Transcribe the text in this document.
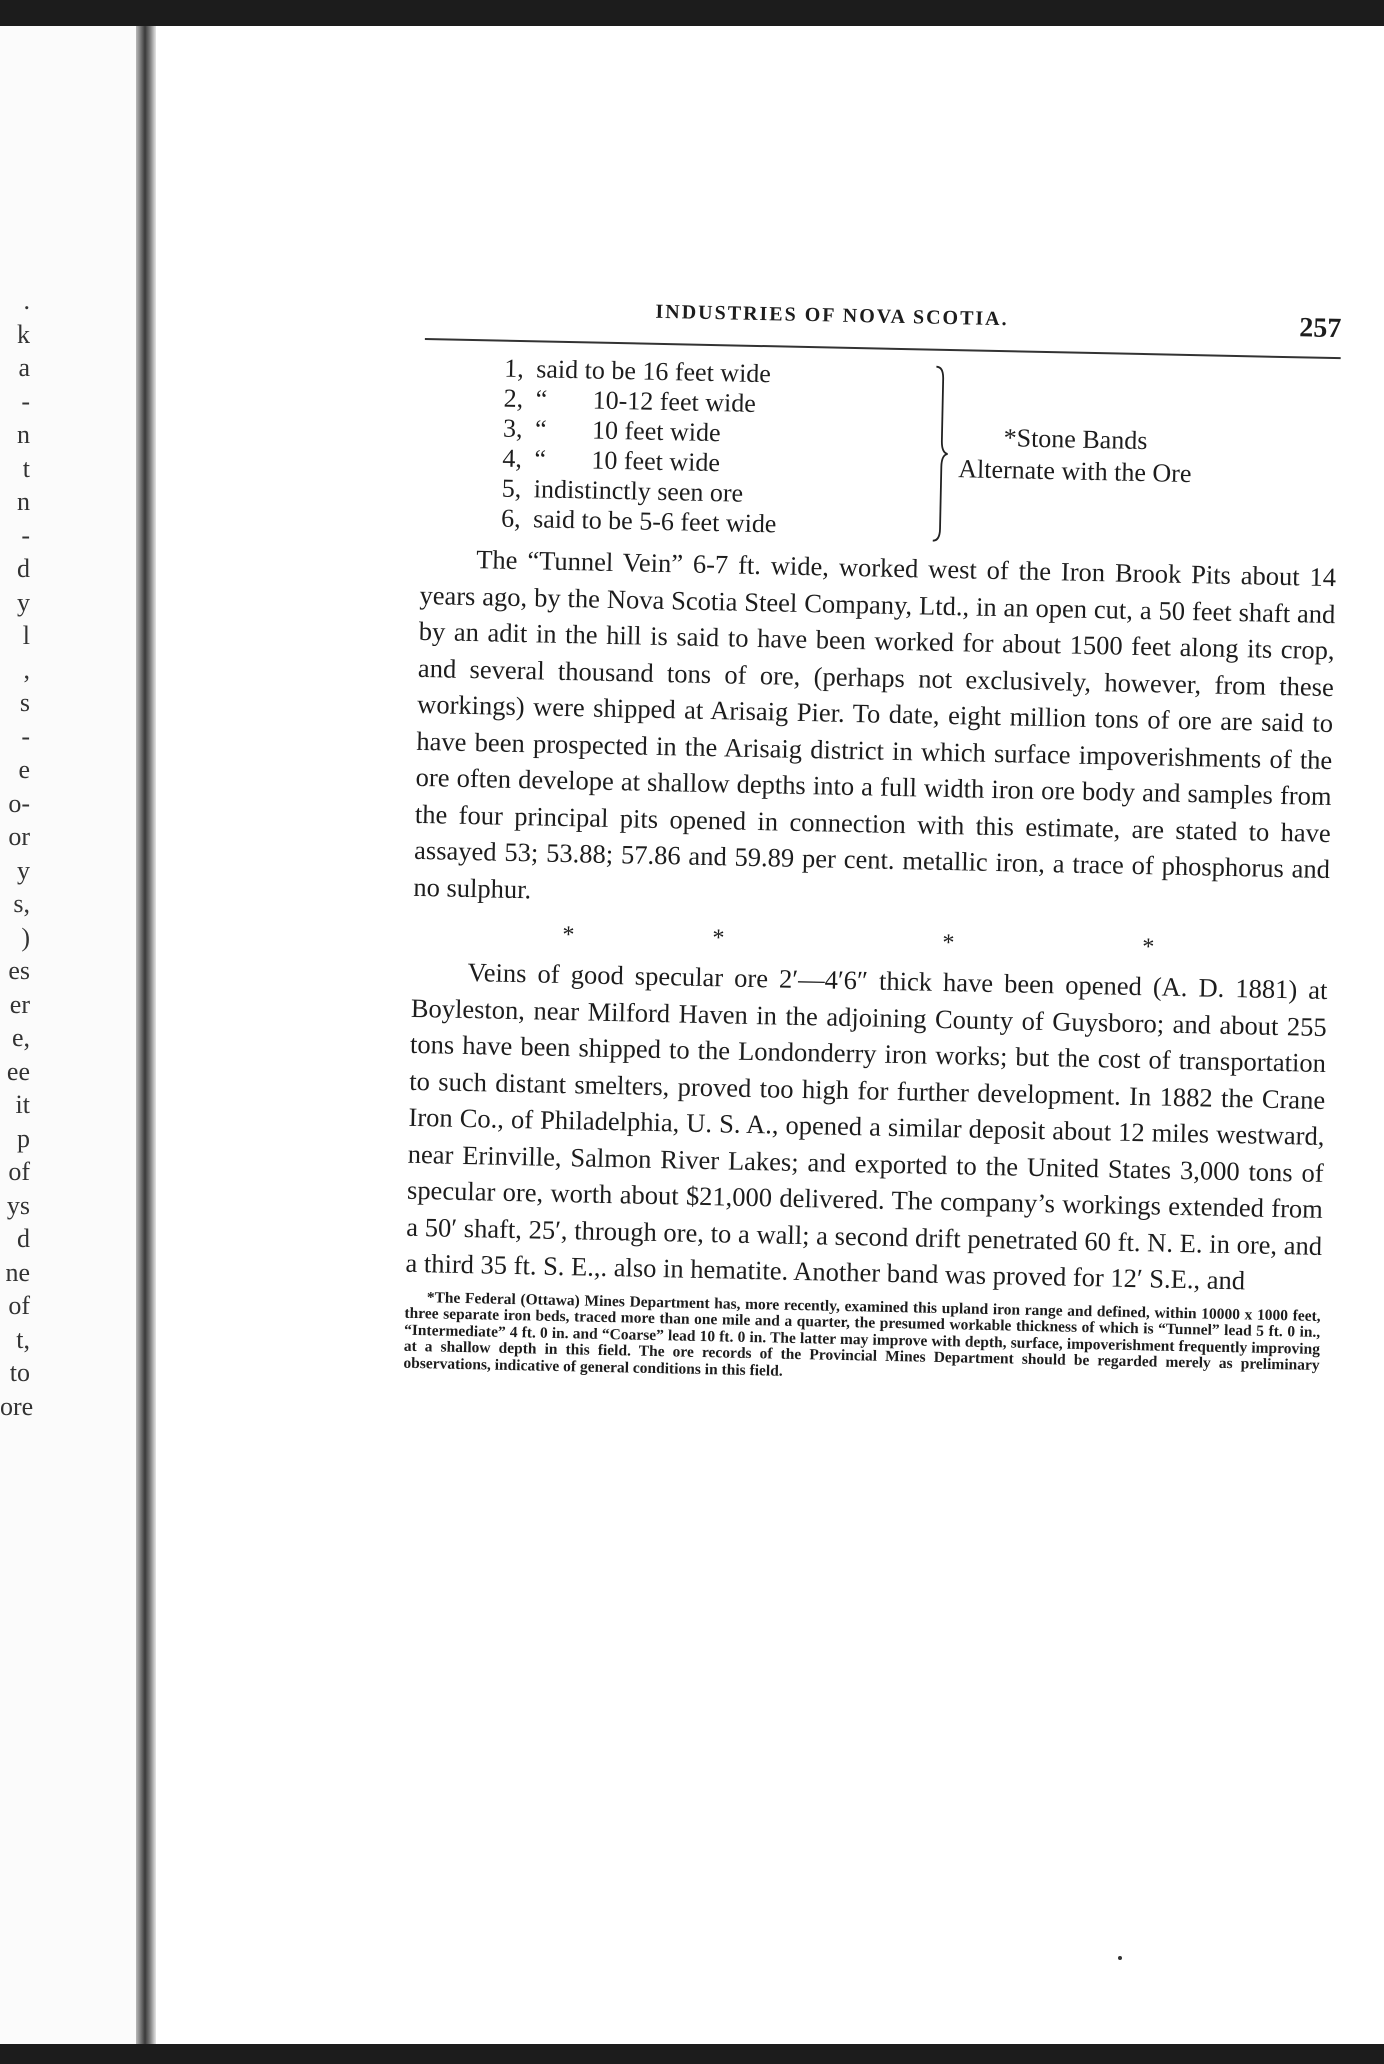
.
k
a
-
n
t
n
-
d
y
l
,
s
-
e
o-
or
y
s,
)
es
er
e,
ee
it
p
of
ys
d
ne
of
t,
to
ore
INDUSTRIES OF NOVA SCOTIA.	257
1, said to be 16 feet wide
2, “       10-12 feet wide
3, “       10 feet wide
4, “       10 feet wide
5, indistinctly seen ore
6, said to be 5-6 feet wide
*Stone Bands
Alternate with the Ore

The “Tunnel Vein” 6-7 ft. wide, worked west of the Iron Brook Pits about 14 years ago, by the Nova Scotia Steel Company, Ltd., in an open cut, a 50 feet shaft and by an adit in the hill is said to have been worked for about 1500 feet along its crop, and several thousand tons of ore, (perhaps not exclusively, however, from these workings) were shipped at Arisaig Pier. To date, eight million tons of ore are said to have been prospected in the Arisaig district in which surface impoverishments of the ore often develope at shallow depths into a full width iron ore body and samples from the four principal pits opened in connection with this estimate, are stated to have assayed 53; 53.88; 57.86 and 59.89 per cent. metallic iron, a trace of phosphorus and no sulphur.

*	*	*	*

Veins of good specular ore 2′—4′6″ thick have been opened (A. D. 1881) at Boyleston, near Milford Haven in the adjoining County of Guysboro; and about 255 tons have been shipped to the Londonderry iron works; but the cost of transportation to such distant smelters, proved too high for further development. In 1882 the Crane Iron Co., of Philadelphia, U. S. A., opened a similar deposit about 12 miles westward, near Erinville, Salmon River Lakes; and exported to the United States 3,000 tons of specular ore, worth about $21,000 delivered. The company’s workings extended from a 50′ shaft, 25′, through ore, to a wall; a second drift penetrated 60 ft. N. E. in ore, and a third 35 ft. S. E.,. also in hematite. Another band was proved for 12′ S.E., and

*The Federal (Ottawa) Mines Department has, more recently, examined this upland iron range and defined, within 10000 x 1000 feet, three separate iron beds, traced more than one mile and a quarter, the presumed workable thickness of which is “Tunnel” lead 5 ft. 0 in., “Intermediate” 4 ft. 0 in. and “Coarse” lead 10 ft. 0 in. The latter may improve with depth, surface, impoverishment frequently improving at a shallow depth in this field. The ore records of the Provincial Mines Department should be regarded merely as preliminary observations, indicative of general conditions in this field.
